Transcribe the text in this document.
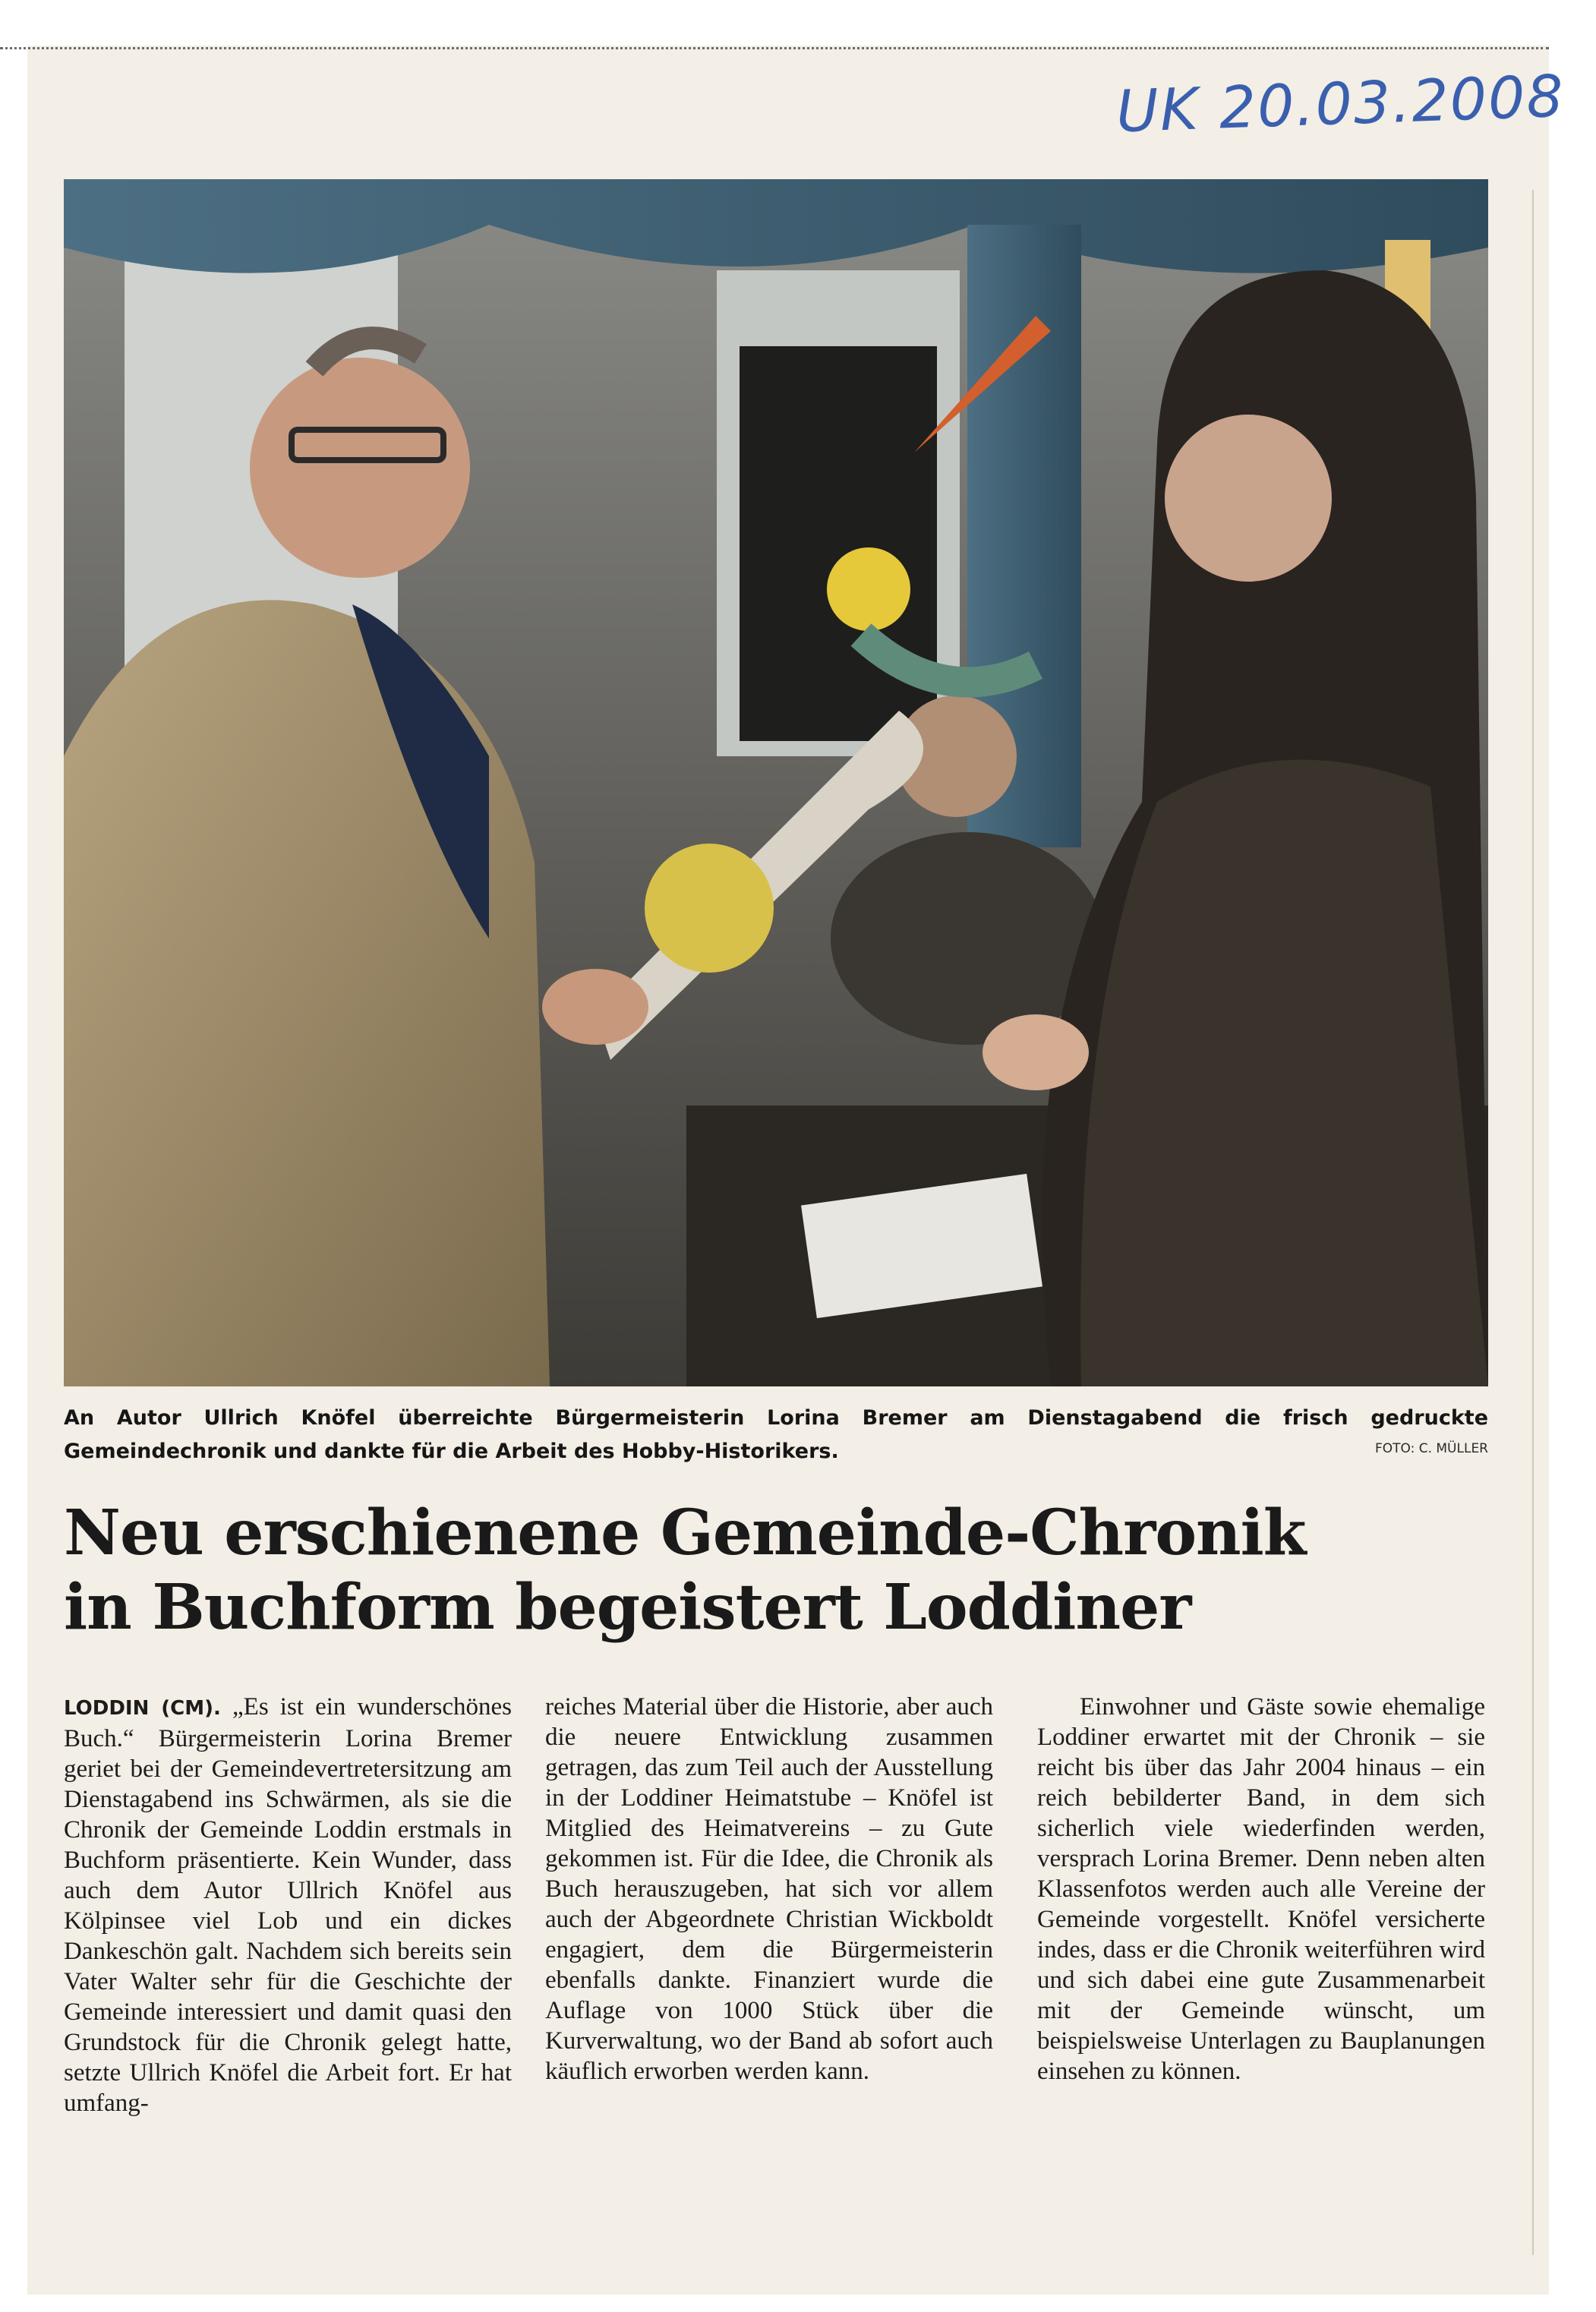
UK 20.03.2008
An Autor Ullrich Knöfel überreichte Bürgermeisterin Lorina Bremer am Dienstagabend die frisch gedruckte Gemeindechronik und dankte für die Arbeit des Hobby-Historikers.	FOTO: C. MÜLLER
Neu erschienene Gemeinde-Chronik
in Buchform begeistert Loddiner
LODDIN (CM). „Es ist ein wunderschönes Buch.“ Bürgermeisterin Lorina Bremer geriet bei der Gemeindevertretersitzung am Dienstagabend ins Schwärmen, als sie die Chronik der Gemeinde Loddin erstmals in Buchform präsentierte. Kein Wunder, dass auch dem Autor Ullrich Knöfel aus Kölpinsee viel Lob und ein dickes Dankeschön galt. Nachdem sich bereits sein Vater Walter sehr für die Geschichte der Gemeinde interessiert und damit quasi den Grundstock für die Chronik gelegt hatte, setzte Ullrich Knöfel die Arbeit fort. Er hat umfang-
reiches Material über die Historie, aber auch die neuere Entwicklung zusammen getragen, das zum Teil auch der Ausstellung in der Loddiner Heimatstube – Knöfel ist Mitglied des Heimatvereins – zu Gute gekommen ist. Für die Idee, die Chronik als Buch herauszugeben, hat sich vor allem auch der Abgeordnete Christian Wickboldt engagiert, dem die Bürgermeisterin ebenfalls dankte. Finanziert wurde die Auflage von 1000 Stück über die Kurverwaltung, wo der Band ab sofort auch käuflich erworben werden kann.
Einwohner und Gäste sowie ehemalige Loddiner erwartet mit der Chronik – sie reicht bis über das Jahr 2004 hinaus – ein reich bebilderter Band, in dem sich sicherlich viele wiederfinden werden, versprach Lorina Bremer. Denn neben alten Klassenfotos werden auch alle Vereine der Gemeinde vorgestellt. Knöfel versicherte indes, dass er die Chronik weiterführen wird und sich dabei eine gute Zusammenarbeit mit der Gemeinde wünscht, um beispielsweise Unterlagen zu Bauplanungen einsehen zu können.
